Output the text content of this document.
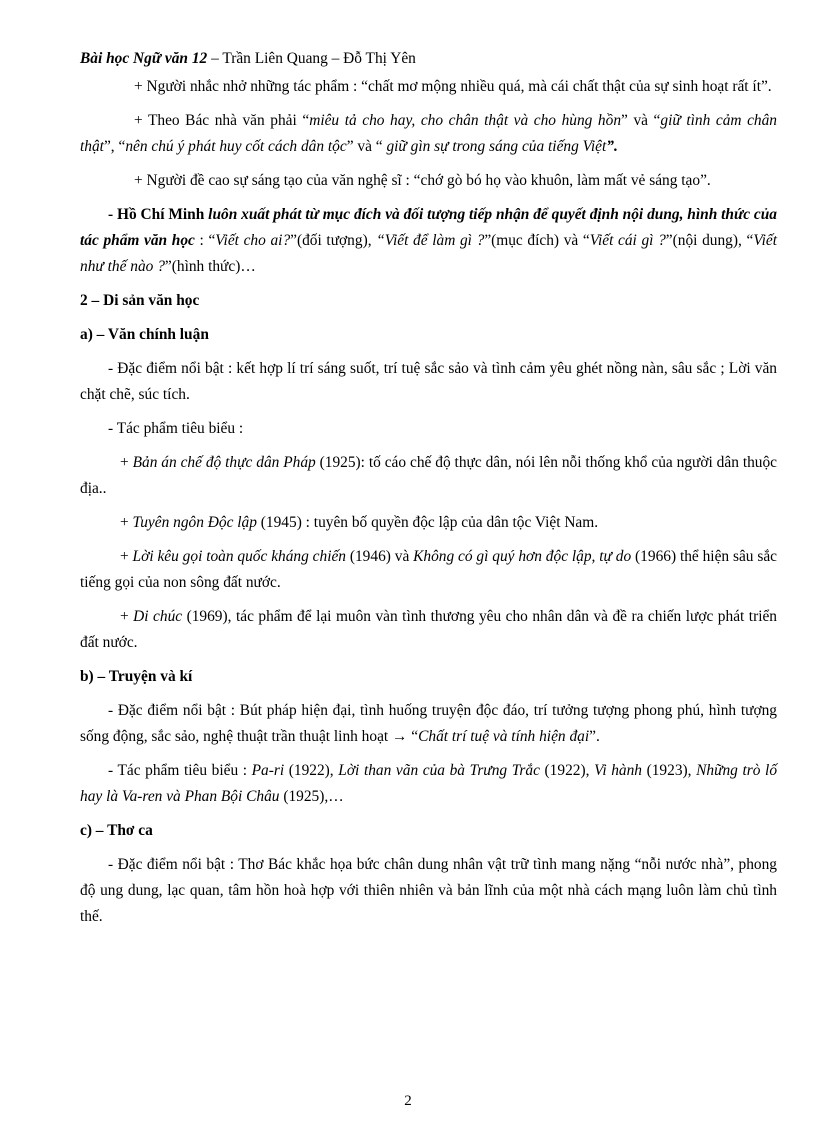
Bài học Ngữ văn 12 – Trần Liên Quang – Đỗ Thị Yên

+ Người nhắc nhở những tác phẩm : “chất mơ mộng nhiều quá, mà cái chất thật của sự sinh hoạt rất ít”.

+ Theo Bác nhà văn phải “miêu tả cho hay, cho chân thật và cho hùng hồn” và “giữ tình cảm chân thật”, “nên chú ý phát huy cốt cách dân tộc” và “ giữ gìn sự trong sáng của tiếng Việt”.

+ Người đề cao sự sáng tạo của văn nghệ sĩ : “chớ gò bó họ vào khuôn, làm mất vẻ sáng tạo”.

- Hồ Chí Minh luôn xuất phát từ mục đích và đối tượng tiếp nhận để quyết định nội dung, hình thức của tác phẩm văn học : “Viết cho ai?”(đối tượng), “Viết để làm gì ?”(mục đích) và “Viết cái gì ?”(nội dung), “Viết như thế nào ?”(hình thức)…

2 – Di sản văn học
a) – Văn chính luận

- Đặc điểm nổi bật : kết hợp lí trí sáng suốt, trí tuệ sắc sảo và tình cảm yêu ghét nồng nàn, sâu sắc ; Lời văn chặt chẽ, súc tích.

- Tác phẩm tiêu biểu :

+ Bản án chế độ thực dân Pháp (1925): tố cáo chế độ thực dân, nói lên nỗi thống khổ của người dân thuộc địa..

+ Tuyên ngôn Độc lập (1945) : tuyên bố quyền độc lập của dân tộc Việt Nam.

+ Lời kêu gọi toàn quốc kháng chiến (1946) và Không có gì quý hơn độc lập, tự do (1966) thể hiện sâu sắc tiếng gọi của non sông đất nước.

+ Di chúc (1969), tác phẩm để lại muôn vàn tình thương yêu cho nhân dân và đề ra chiến lược phát triển đất nước.

b) – Truyện và kí

- Đặc điểm nổi bật : Bút pháp hiện đại, tình huống truyện độc đáo, trí tưởng tượng phong phú, hình tượng sống động, sắc sảo, nghệ thuật trần thuật linh hoạt → “Chất trí tuệ và tính hiện đại”.

- Tác phẩm tiêu biểu : Pa-ri (1922), Lời than vãn của bà Trưng Trắc (1922), Vi hành (1923), Những trò lố hay là Va-ren và Phan Bội Châu (1925),…

c) – Thơ ca

- Đặc điểm nổi bật : Thơ Bác khắc họa bức chân dung nhân vật trữ tình mang nặng “nỗi nước nhà”, phong độ ung dung, lạc quan, tâm hồn hoà hợp với thiên nhiên và bản lĩnh của một nhà cách mạng luôn làm chủ tình thế.

2
